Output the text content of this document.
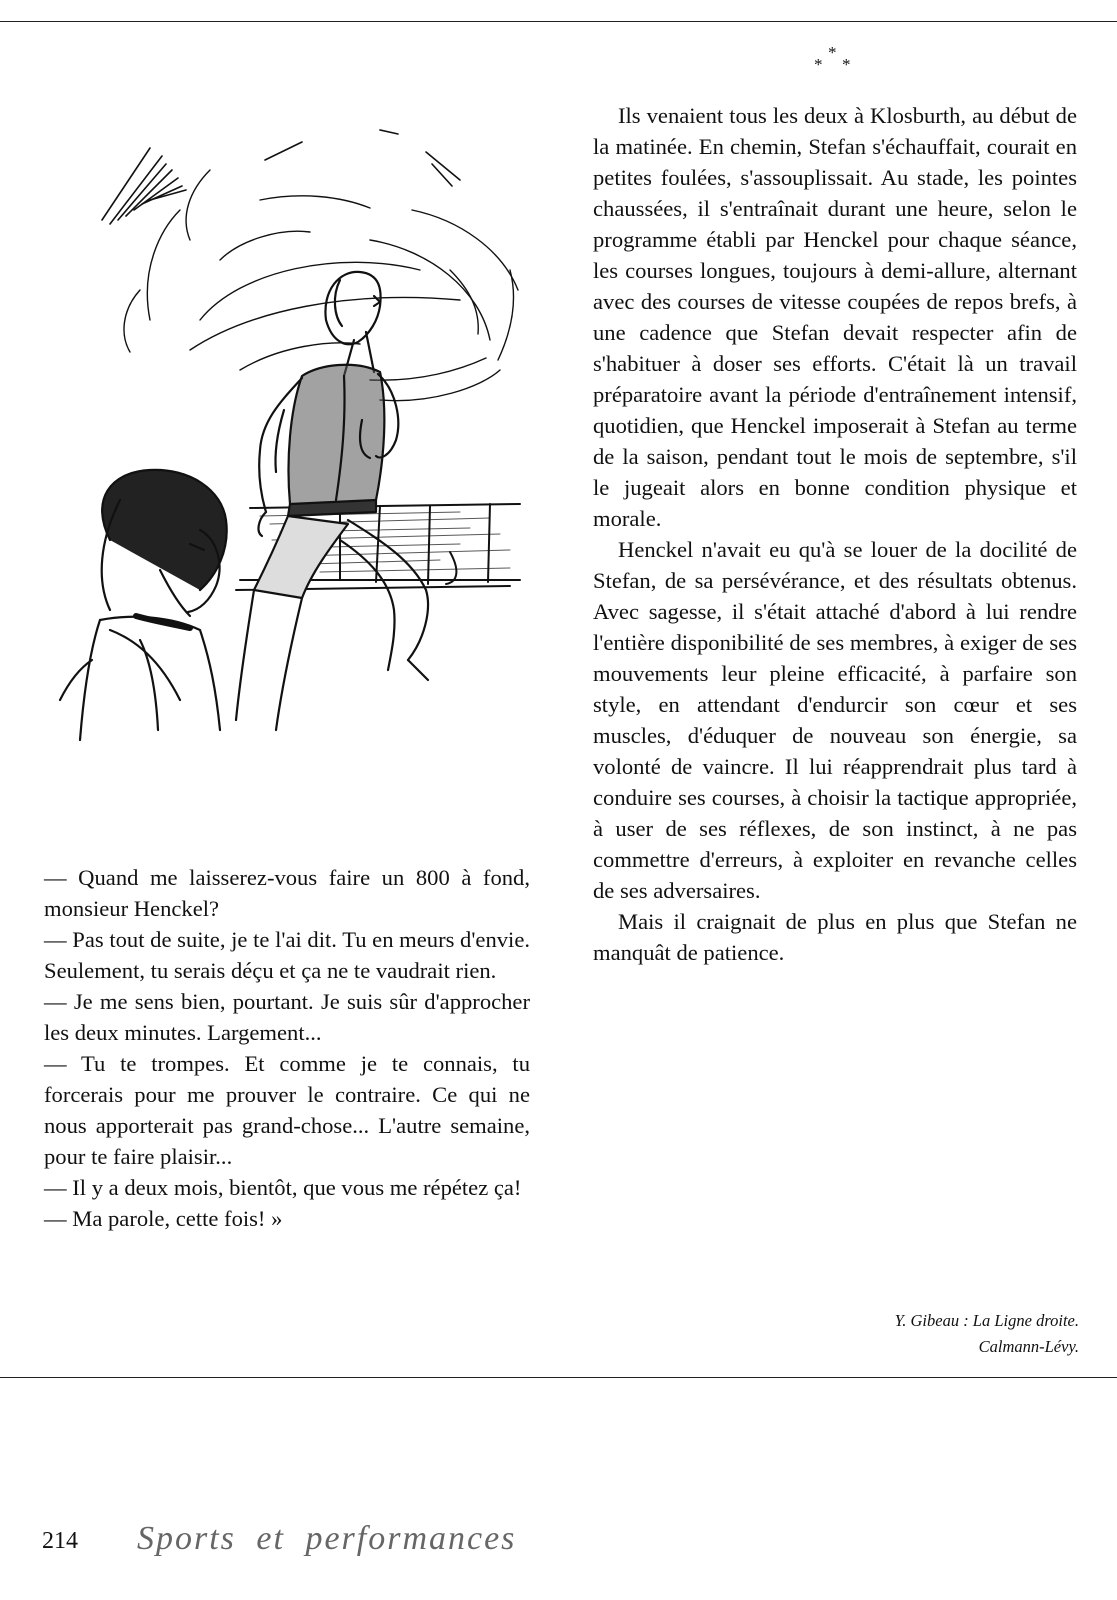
*
* *

— Quand me laisserez-vous faire un 800 à fond, monsieur Henckel?

— Pas tout de suite, je te l'ai dit. Tu en meurs d'envie. Seulement, tu serais déçu et ça ne te vaudrait rien.

— Je me sens bien, pourtant. Je suis sûr d'approcher les deux minutes. Largement...

— Tu te trompes. Et comme je te connais, tu forcerais pour me prouver le contraire. Ce qui ne nous apporterait pas grand-chose... L'autre semaine, pour te faire plaisir...

— Il y a deux mois, bientôt, que vous me répétez ça!

— Ma parole, cette fois! »

Ils venaient tous les deux à Klosburth, au début de la matinée. En chemin, Stefan s'échauffait, courait en petites foulées, s'assouplissait. Au stade, les pointes chaussées, il s'entraînait durant une heure, selon le programme établi par Henckel pour chaque séance, les courses longues, toujours à demi-allure, alternant avec des courses de vitesse coupées de repos brefs, à une cadence que Stefan devait respecter afin de s'habituer à doser ses efforts. C'était là un travail préparatoire avant la période d'entraînement intensif, quotidien, que Henckel imposerait à Stefan au terme de la saison, pendant tout le mois de septembre, s'il le jugeait alors en bonne condition physique et morale.

Henckel n'avait eu qu'à se louer de la docilité de Stefan, de sa persévérance, et des résultats obtenus. Avec sagesse, il s'était attaché d'abord à lui rendre l'entière disponibilité de ses membres, à exiger de ses mouvements leur pleine efficacité, à parfaire son style, en attendant d'endurcir son cœur et ses muscles, d'éduquer de nouveau son énergie, sa volonté de vaincre. Il lui réapprendrait plus tard à conduire ses courses, à choisir la tactique appropriée, à user de ses réflexes, de son instinct, à ne pas commettre d'erreurs, à exploiter en revanche celles de ses adversaires.

Mais il craignait de plus en plus que Stefan ne manquât de patience.

Y. Gibeau : La Ligne droite.
Calmann-Lévy.
214 Sports et performances
